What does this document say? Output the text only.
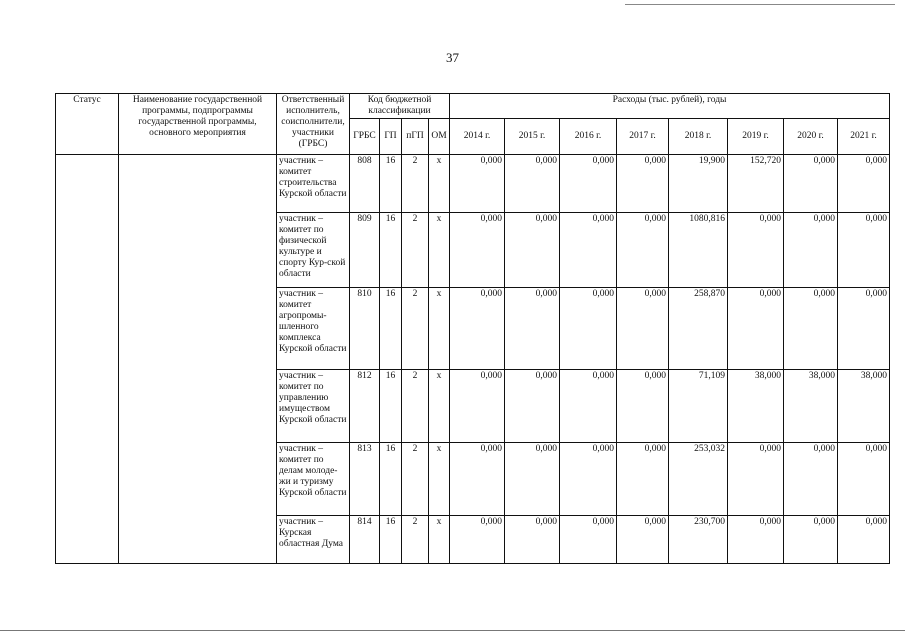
37
Статус	Наименование государственной программы, подпрограммы государственной программы, основного мероприятия	Ответственный исполнитель, соисполнители, участники (ГРБС)	Код бюджетной классификации				Расходы (тыс. рублей), годы							
			ГРБС	ГП	пГП	ОМ	2014 г.	2015 г.	2016 г.	2017 г.	2018 г.	2019 г.	2020 г.	2021 г.
		участник – комитет строительства Курской области	808	16	2	х	0,000	0,000	0,000	0,000	19,900	152,720	0,000	0,000
		участник – комитет по физической культуре и спорту Кур-ской области	809	16	2	х	0,000	0,000	0,000	0,000	1080,816	0,000	0,000	0,000
		участник – комитет агропромы-шленного комплекса Курской области	810	16	2	х	0,000	0,000	0,000	0,000	258,870	0,000	0,000	0,000
		участник – комитет по управлению имуществом Курской области	812	16	2	х	0,000	0,000	0,000	0,000	71,109	38,000	38,000	38,000
		участник – комитет по делам молоде-жи и туризму Курской области	813	16	2	х	0,000	0,000	0,000	0,000	253,032	0,000	0,000	0,000
		участник – Курская областная Дума	814	16	2	х	0,000	0,000	0,000	0,000	230,700	0,000	0,000	0,000
